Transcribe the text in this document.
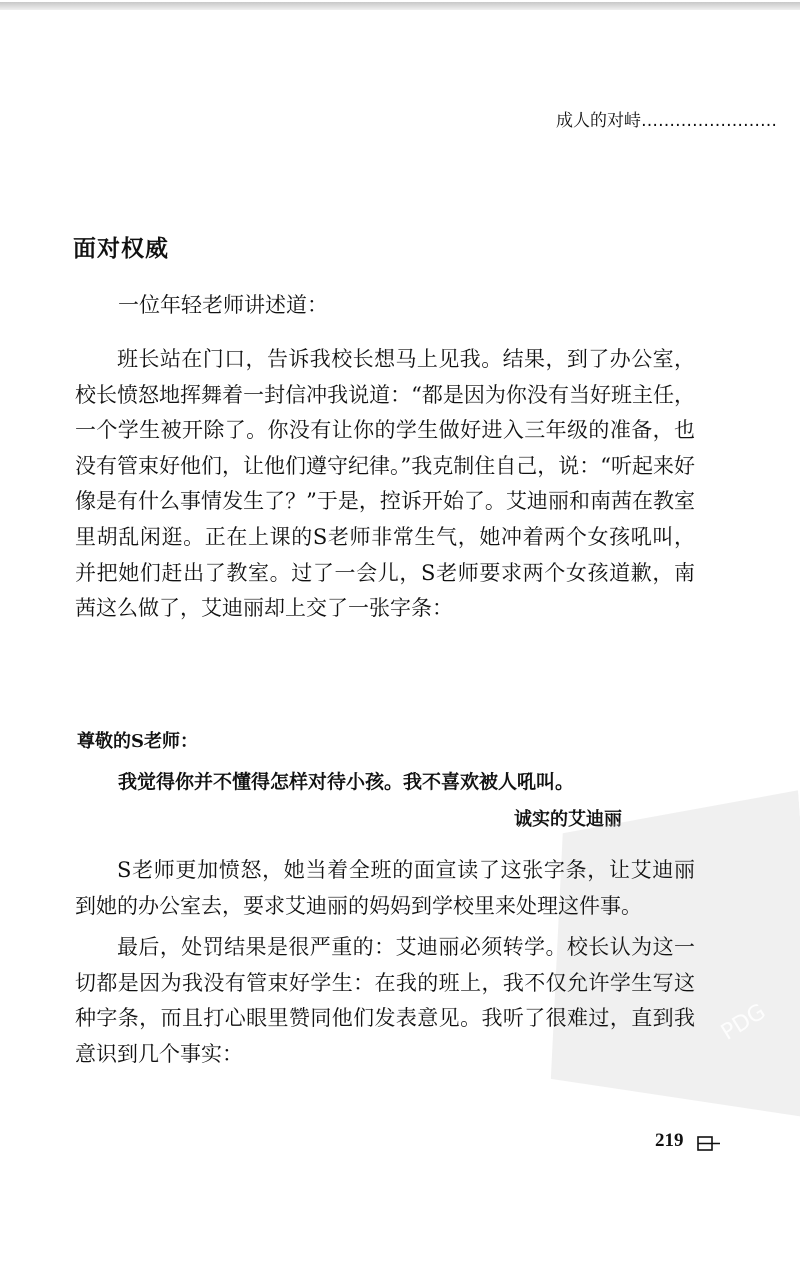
成人的对峙……………………
面对权威
一位年轻老师讲述道：

班长站在门口，告诉我校长想马上见我。结果，到了办公室，校长愤怒地挥舞着一封信冲我说道：“都是因为你没有当好班主任，一个学生被开除了。你没有让你的学生做好进入三年级的准备，也没有管束好他们，让他们遵守纪律。”我克制住自己，说：“听起来好像是有什么事情发生了？”于是，控诉开始了。艾迪丽和南茜在教室里胡乱闲逛。正在上课的S老师非常生气，她冲着两个女孩吼叫，并把她们赶出了教室。过了一会儿，S老师要求两个女孩道歉，南茜这么做了，艾迪丽却上交了一张字条：

尊敬的S老师：
我觉得你并不懂得怎样对待小孩。我不喜欢被人吼叫。
诚实的艾迪丽
PDG

S老师更加愤怒，她当着全班的面宣读了这张字条，让艾迪丽到她的办公室去，要求艾迪丽的妈妈到学校里来处理这件事。

最后，处罚结果是很严重的：艾迪丽必须转学。校长认为这一切都是因为我没有管束好学生：在我的班上，我不仅允许学生写这种字条，而且打心眼里赞同他们发表意见。我听了很难过，直到我意识到几个事实：

219
